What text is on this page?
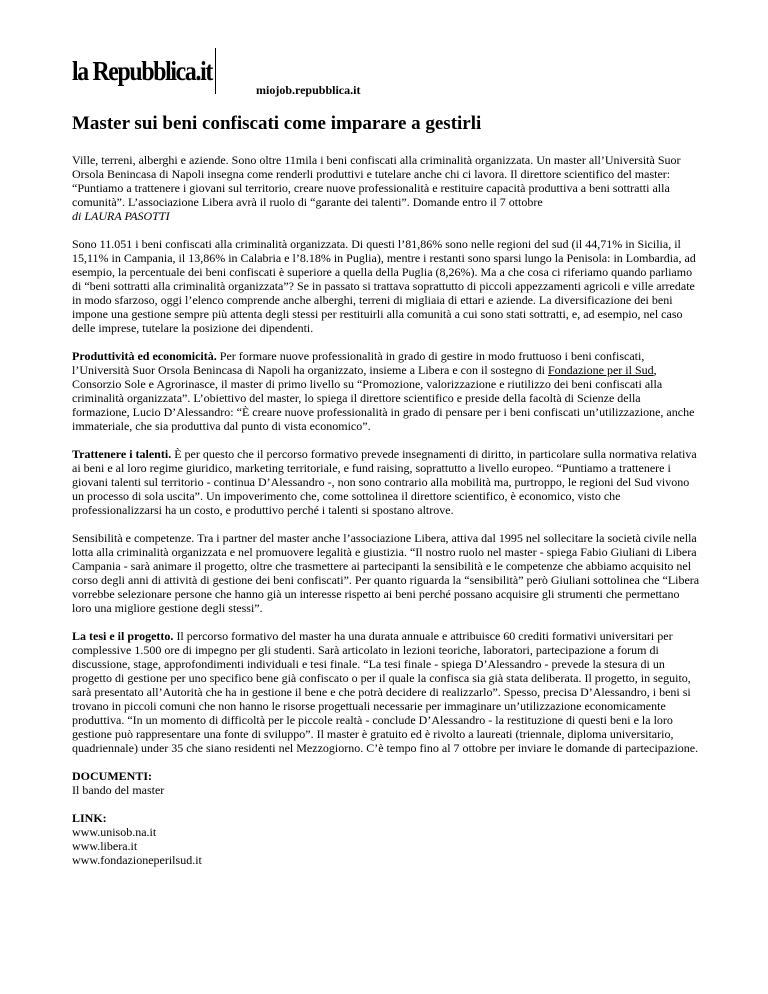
la Repubblica.it
miojob.repubblica.it
Master sui beni confiscati come imparare a gestirli

Ville, terreni, alberghi e aziende. Sono oltre 11mila i beni confiscati alla criminalità organizzata. Un master all’Università Suor Orsola Benincasa di Napoli insegna come renderli produttivi e tutelare anche chi ci lavora. Il direttore scientifico del master: “Puntiamo a trattenere i giovani sul territorio, creare nuove professionalità e restituire capacità produttiva a beni sottratti alla comunità”. L’associazione Libera avrà il ruolo di “garante dei talenti”. Domande entro il 7 ottobre
di LAURA PASOTTI

Sono 11.051 i beni confiscati alla criminalità organizzata. Di questi l’81,86% sono nelle regioni del sud (il 44,71% in Sicilia, il 15,11% in Campania, il 13,86% in Calabria e l’8.18% in Puglia), mentre i restanti sono sparsi lungo la Penisola: in Lombardia, ad esempio, la percentuale dei beni confiscati è superiore a quella della Puglia (8,26%). Ma a che cosa ci riferiamo quando parliamo di “beni sottratti alla criminalità organizzata”? Se in passato si trattava soprattutto di piccoli appezzamenti agricoli e ville arredate in modo sfarzoso, oggi l’elenco comprende anche alberghi, terreni di migliaia di ettari e aziende. La diversificazione dei beni impone una gestione sempre più attenta degli stessi per restituirli alla comunità a cui sono stati sottratti, e, ad esempio, nel caso delle imprese, tutelare la posizione dei dipendenti.

Produttività ed economicità. Per formare nuove professionalità in grado di gestire in modo fruttuoso i beni confiscati, l’Università Suor Orsola Benincasa di Napoli ha organizzato, insieme a Libera e con il sostegno di Fondazione per il Sud, Consorzio Sole e Agrorinasce, il master di primo livello su “Promozione, valorizzazione e riutilizzo dei beni confiscati alla criminalità organizzata”. L’obiettivo del master, lo spiega il direttore scientifico e preside della facoltà di Scienze della formazione, Lucio D’Alessandro: “È creare nuove professionalità in grado di pensare per i beni confiscati un’utilizzazione, anche immateriale, che sia produttiva dal punto di vista economico”.

Trattenere i talenti. È per questo che il percorso formativo prevede insegnamenti di diritto, in particolare sulla normativa relativa ai beni e al loro regime giuridico, marketing territoriale, e fund raising, soprattutto a livello europeo. “Puntiamo a trattenere i giovani talenti sul territorio - continua D’Alessandro -, non sono contrario alla mobilità ma, purtroppo, le regioni del Sud vivono un processo di sola uscita”. Un impoverimento che, come sottolinea il direttore scientifico, è economico, visto che professionalizzarsi ha un costo, e produttivo perché i talenti si spostano altrove.

Sensibilità e competenze. Tra i partner del master anche l’associazione Libera, attiva dal 1995 nel sollecitare la società civile nella lotta alla criminalità organizzata e nel promuovere legalità e giustizia. “Il nostro ruolo nel master - spiega Fabio Giuliani di Libera Campania - sarà animare il progetto, oltre che trasmettere ai partecipanti la sensibilità e le competenze che abbiamo acquisito nel corso degli anni di attività di gestione dei beni confiscati”. Per quanto riguarda la “sensibilità” però Giuliani sottolinea che “Libera vorrebbe selezionare persone che hanno già un interesse rispetto ai beni perché possano acquisire gli strumenti che permettano loro una migliore gestione degli stessi”.

La tesi e il progetto. Il percorso formativo del master ha una durata annuale e attribuisce 60 crediti formativi universitari per complessive 1.500 ore di impegno per gli studenti. Sarà articolato in lezioni teoriche, laboratori, partecipazione a forum di discussione, stage, approfondimenti individuali e tesi finale. “La tesi finale - spiega D’Alessandro - prevede la stesura di un progetto di gestione per uno specifico bene già confiscato o per il quale la confisca sia già stata deliberata. Il progetto, in seguito, sarà presentato all’Autorità che ha in gestione il bene e che potrà decidere di realizzarlo”. Spesso, precisa D’Alessandro, i beni si trovano in piccoli comuni che non hanno le risorse progettuali necessarie per immaginare un’utilizzazione economicamente produttiva. “In un momento di difficoltà per le piccole realtà - conclude D’Alessandro - la restituzione di questi beni e la loro gestione può rappresentare una fonte di sviluppo”. Il master è gratuito ed è rivolto a laureati (triennale, diploma universitario, quadriennale) under 35 che siano residenti nel Mezzogiorno. C’è tempo fino al 7 ottobre per inviare le domande di partecipazione.

DOCUMENTI:
Il bando del master
LINK:
www.unisob.na.it
www.libera.it
www.fondazioneperilsud.it
